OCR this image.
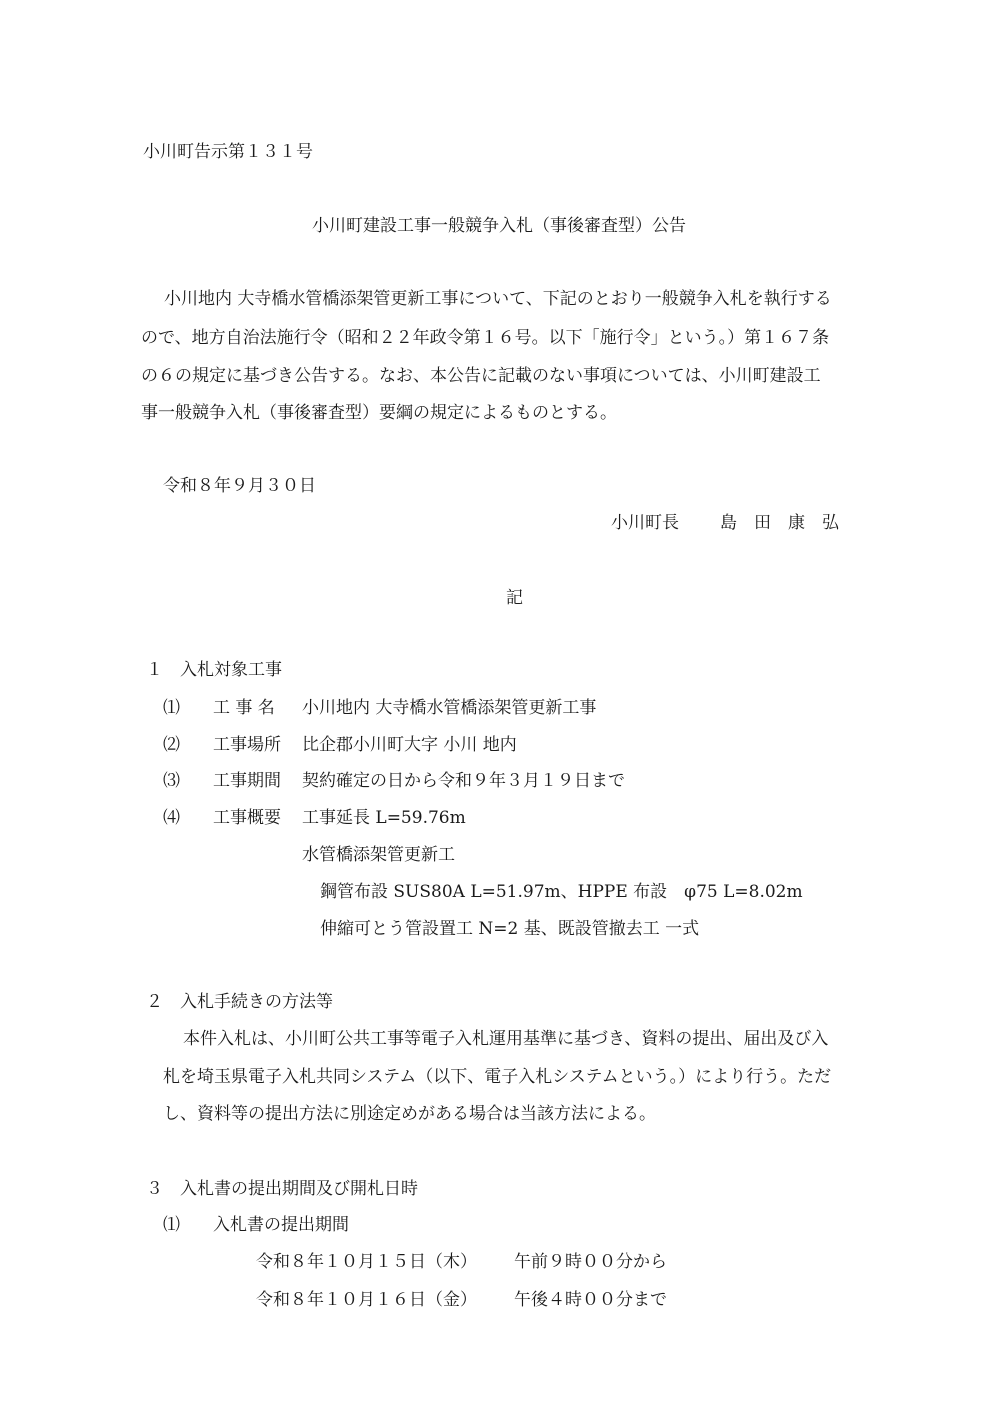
小川町告示第１３１号
小川町建設工事一般競争入札（事後審査型）公告
小川地内 大寺橋水管橋添架管更新工事について、下記のとおり一般競争入札を執行する
ので、地方自治法施行令（昭和２２年政令第１６号。以下「施行令」という。）第１６７条
の６の規定に基づき公告する。なお、本公告に記載のない事項については、小川町建設工
事一般競争入札（事後審査型）要綱の規定によるものとする。
令和８年９月３０日
小川町長 島　田　康　弘
記
１　入札対象工事
⑴ 工 事 名 小川地内 大寺橋水管橋添架管更新工事
⑵ 工事場所 比企郡小川町大字 小川 地内
⑶ 工事期間 契約確定の日から令和９年３月１９日まで
⑷ 工事概要 工事延長 L=59.76m
水管橋添架管更新工
鋼管布設 SUS80A L=51.97m、HPPE 布設　φ75 L=8.02m
伸縮可とう管設置工 N=2 基、既設管撤去工 一式
２　入札手続きの方法等
本件入札は、小川町公共工事等電子入札運用基準に基づき、資料の提出、届出及び入
札を埼玉県電子入札共同システム（以下、電子入札システムという。）により行う。ただ
し、資料等の提出方法に別途定めがある場合は当該方法による。
３　入札書の提出期間及び開札日時
⑴ 入札書の提出期間
令和８年１０月１５日（木） 午前９時００分から
令和８年１０月１６日（金） 午後４時００分まで
